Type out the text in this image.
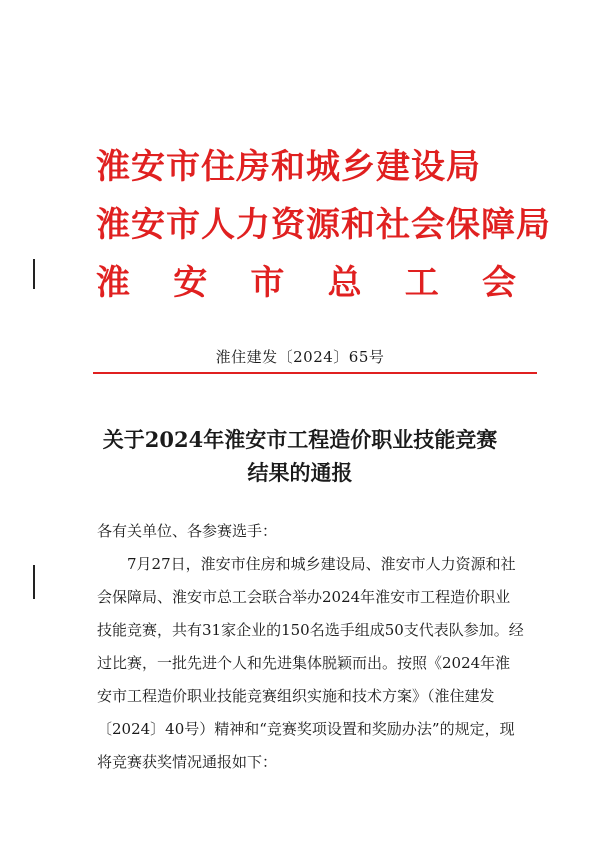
淮安市住房和城乡建设局
淮安市人力资源和社会保障局
淮 安 市 总 工 会
淮住建发〔2024〕65号
关于2024年淮安市工程造价职业技能竞赛
结果的通报

各有关单位、各参赛选手：

7月27日，淮安市住房和城乡建设局、淮安市人力资源和社会保障局、淮安市总工会联合举办2024年淮安市工程造价职业技能竞赛，共有31家企业的150名选手组成50支代表队参加。经过比赛，一批先进个人和先进集体脱颖而出。按照《2024年淮安市工程造价职业技能竞赛组织实施和技术方案》（淮住建发〔2024〕40号）精神和“竞赛奖项设置和奖励办法”的规定，现将竞赛获奖情况通报如下：
